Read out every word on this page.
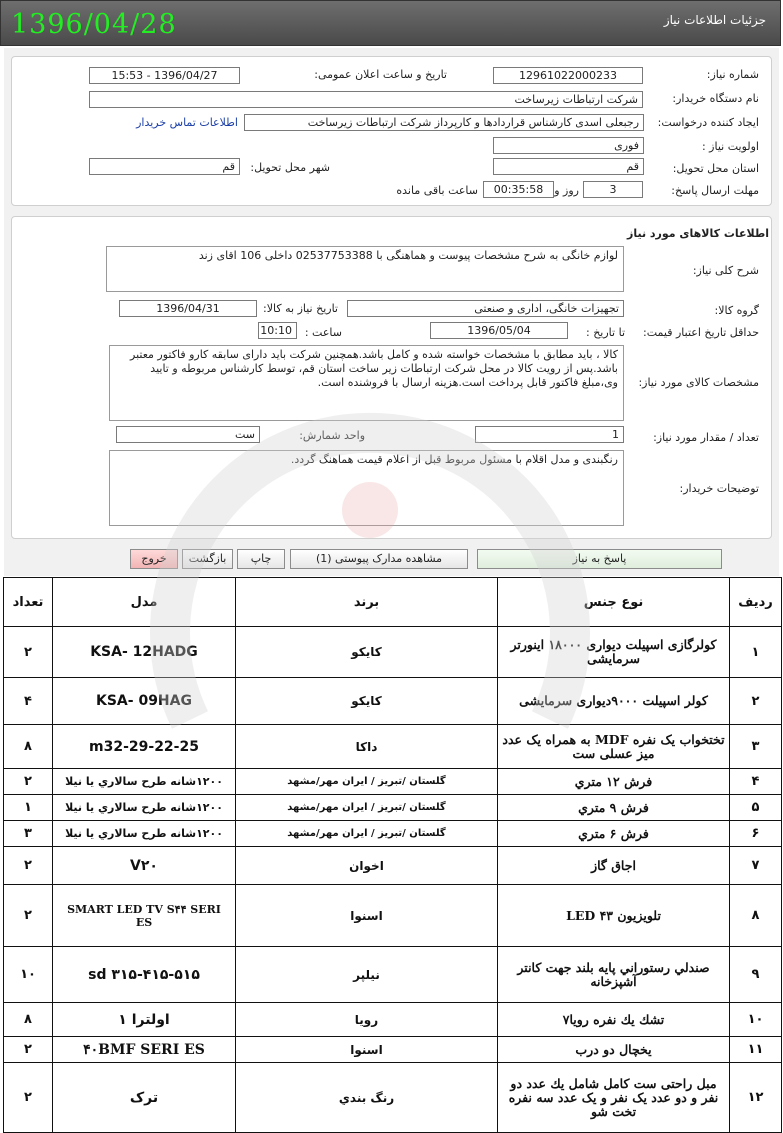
1396/04/28	جزئیات اطلاعات نیاز
شماره نیاز:
12961022000233
تاریخ و ساعت اعلان عمومی:
1396/04/27 - 15:53
نام دستگاه خریدار:
شرکت ارتباطات زیرساخت
ایجاد کننده درخواست:
رجبعلی اسدی کارشناس قراردادها و کارپرداز شرکت ارتباطات زیرساخت
اطلاعات تماس خریدار
اولویت نیاز :
فوری
استان محل تحویل:
قم
شهر محل تحویل:
قم
مهلت ارسال پاسخ:
3
روز و
00:35:58
ساعت باقی مانده
اطلاعات کالاهای مورد نیاز
شرح کلی نیاز:
لوازم خانگی به شرح مشخصات پیوست و هماهنگی با 02537753388 داخلی 106 اقای زند
گروه کالا:
تجهیزات خانگی، اداری و صنعتی
تاریخ نیاز به کالا:
1396/04/31
حداقل تاریخ اعتبار قیمت:
تا تاریخ :
1396/05/04
ساعت :
10:10
مشخصات کالای مورد نیاز:
کالا ، باید مطابق با مشخصات خواسته شده و کامل باشد.همچنین شرکت باید دارای سابقه کارو فاکتور معتبر باشد.پس از رویت کالا در محل شرکت ارتباطات زیر ساخت استان قم، توسط کارشناس مربوطه و تایید وی،مبلغ فاکتور قابل پرداخت است.هزینه ارسال با فروشنده است.
تعداد / مقدار مورد نیاز:
1
واحد شمارش:
ست
توضیحات خریدار:
رنگبندی و مدل اقلام با مسئول مربوط قبل از اعلام قیمت هماهنگ گردد.
پاسخ به نیاز
مشاهده مدارک پیوستی (1)
چاپ
بازگشت
خروج
ردیف	نوع جنس	برند	مدل	تعداد
۱	کولرگازی اسپیلت دیواری ۱۸۰۰۰ اینورتر سرمایشی	کایکو	KSA- 12HADG	۲
۲	کولر اسپیلت ۹۰۰۰دیواری سرمایشی	کایکو	KSA- 09HAG	۴
۳	تختخواب یک نفره MDF به همراه یک عدد میز عسلی ست	داکا	m32-29-22-25	۸
۴	فرش ۱۲ متري	گلستان /تبریز / ایران مهر/مشهد	۱۲۰۰شانه طرح سالاري يا نيلا	۲
۵	فرش ۹ متري	گلستان /تبریز / ایران مهر/مشهد	۱۲۰۰شانه طرح سالاري يا نيلا	۱
۶	فرش ۶ متري	گلستان /تبریز / ایران مهر/مشهد	۱۲۰۰شانه طرح سالاري يا نيلا	۳
۷	اجاق گاز	اخوان	V۲۰	۲
۸	تلویزیون LED ۴۳	اسنوا	SMART LED TV S۴۴ SERI ES	۲
۹	صندلي رستوراني پايه بلند جهت كانتر آشپزخانه	نیلپر	sd ۳۱۵-۴۱۵-۵۱۵	۱۰
۱۰	تشك يك نفره رويا۷	رويا	اولترا ۱	۸
۱۱	یخچال دو درب	اسنوا	۴۰BMF SERI ES	۲
۱۲	مبل راحتی ست كامل شامل يك عدد دو نفر و دو عدد يک نفر و یک عدد سه نفره تخت شو	رنگ بندي	ترک	۲
